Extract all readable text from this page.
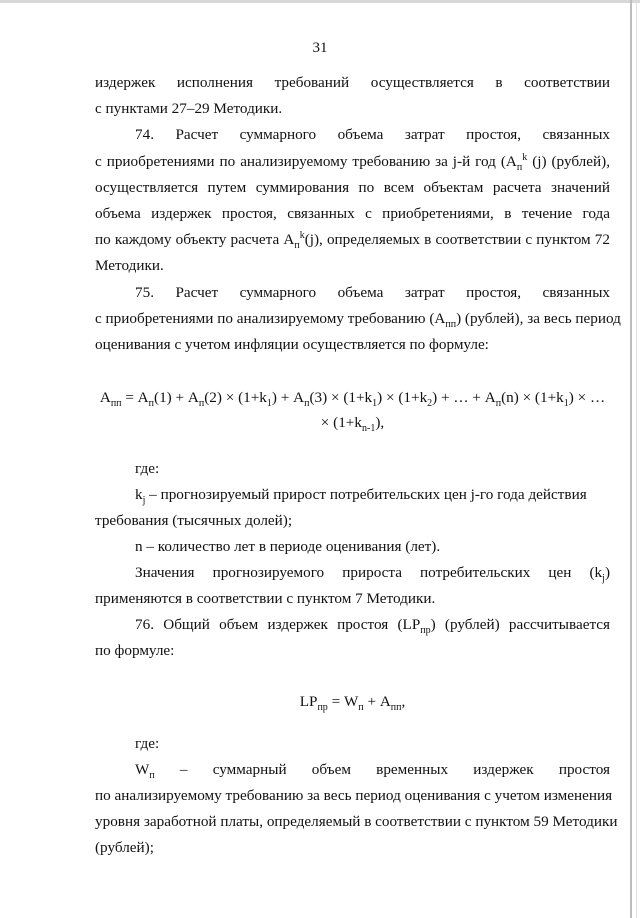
31
издержек исполнения требований осуществляется в соответствии
с пунктами 27–29 Методики.
74. Расчет суммарного объема затрат простоя, связанных
с приобретениями по анализируемому требованию за j-й год ($A_п^k$ (j) (рублей),
осуществляется путем суммирования по всем объектам расчета значений
объема издержек простоя, связанных с приобретениями, в течение года
по каждому объекту расчета $A_п^k(j)$, определяемых в соответствии с пунктом 72
Методики.
75. Расчет суммарного объема затрат простоя, связанных
с приобретениями по анализируемому требованию $(A_{пп})$ (рублей), за весь период
оценивания с учетом инфляции осуществляется по формуле:
$A_{пп} = A_п(1) + A_п(2) \times (1+k_1) + A_п(3) \times (1+k_1) \times (1+k_2)$ + … + $A_п(n) \times (1+k_1)$ × …
× $(1+k_{n-1})$,
где:
$k_j$ – прогнозируемый прирост потребительских цен j-го года действия
требования (тысячных долей);
n – количество лет в периоде оценивания (лет).
Значения прогнозируемого прироста потребительских цен $(k_j)$
применяются в соответствии с пунктом 7 Методики.
76. Общий объем издержек простоя $(LP_{пр})$ (рублей) рассчитывается
по формуле:
$LP_{пр} = W_п + A_{пп}$,
где:
$W_п$ – суммарный объем временных издержек простоя
по анализируемому требованию за весь период оценивания с учетом изменения
уровня заработной платы, определяемый в соответствии с пунктом 59 Методики
(рублей);
